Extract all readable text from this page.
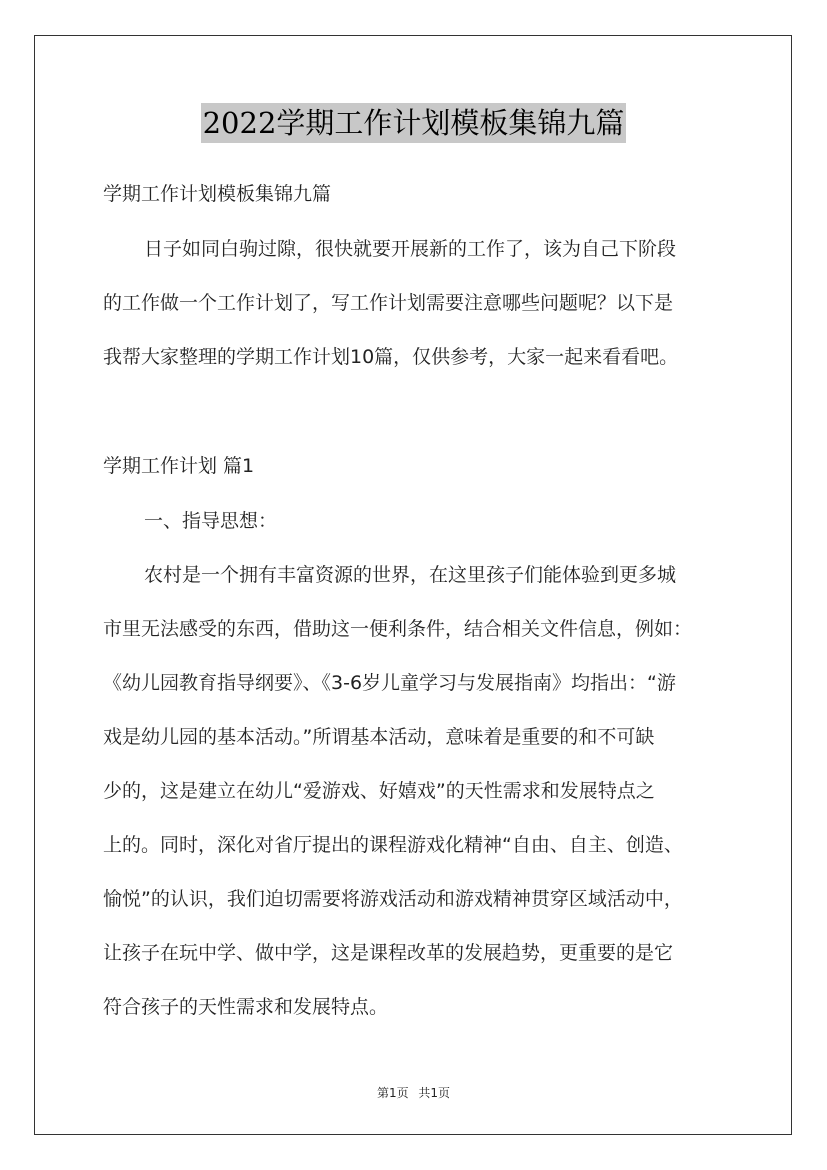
2022学期工作计划模板集锦九篇
学期工作计划模板集锦九篇
日子如同白驹过隙，很快就要开展新的工作了，该为自己下阶段
的工作做一个工作计划了，写工作计划需要注意哪些问题呢？以下是
我帮大家整理的学期工作计划10篇，仅供参考，大家一起来看看吧。
学期工作计划 篇1
一、指导思想：
农村是一个拥有丰富资源的世界，在这里孩子们能体验到更多城
市里无法感受的东西，借助这一便利条件，结合相关文件信息，例如：
《幼儿园教育指导纲要》、《3-6岁儿童学习与发展指南》均指出：“游
戏是幼儿园的基本活动。”所谓基本活动，意味着是重要的和不可缺
少的，这是建立在幼儿“爱游戏、好嬉戏”的天性需求和发展特点之
上的。同时，深化对省厅提出的课程游戏化精神“自由、自主、创造、
愉悦”的认识，我们迫切需要将游戏活动和游戏精神贯穿区域活动中，
让孩子在玩中学、做中学，这是课程改革的发展趋势，更重要的是它
符合孩子的天性需求和发展特点。
第1页 共1页
